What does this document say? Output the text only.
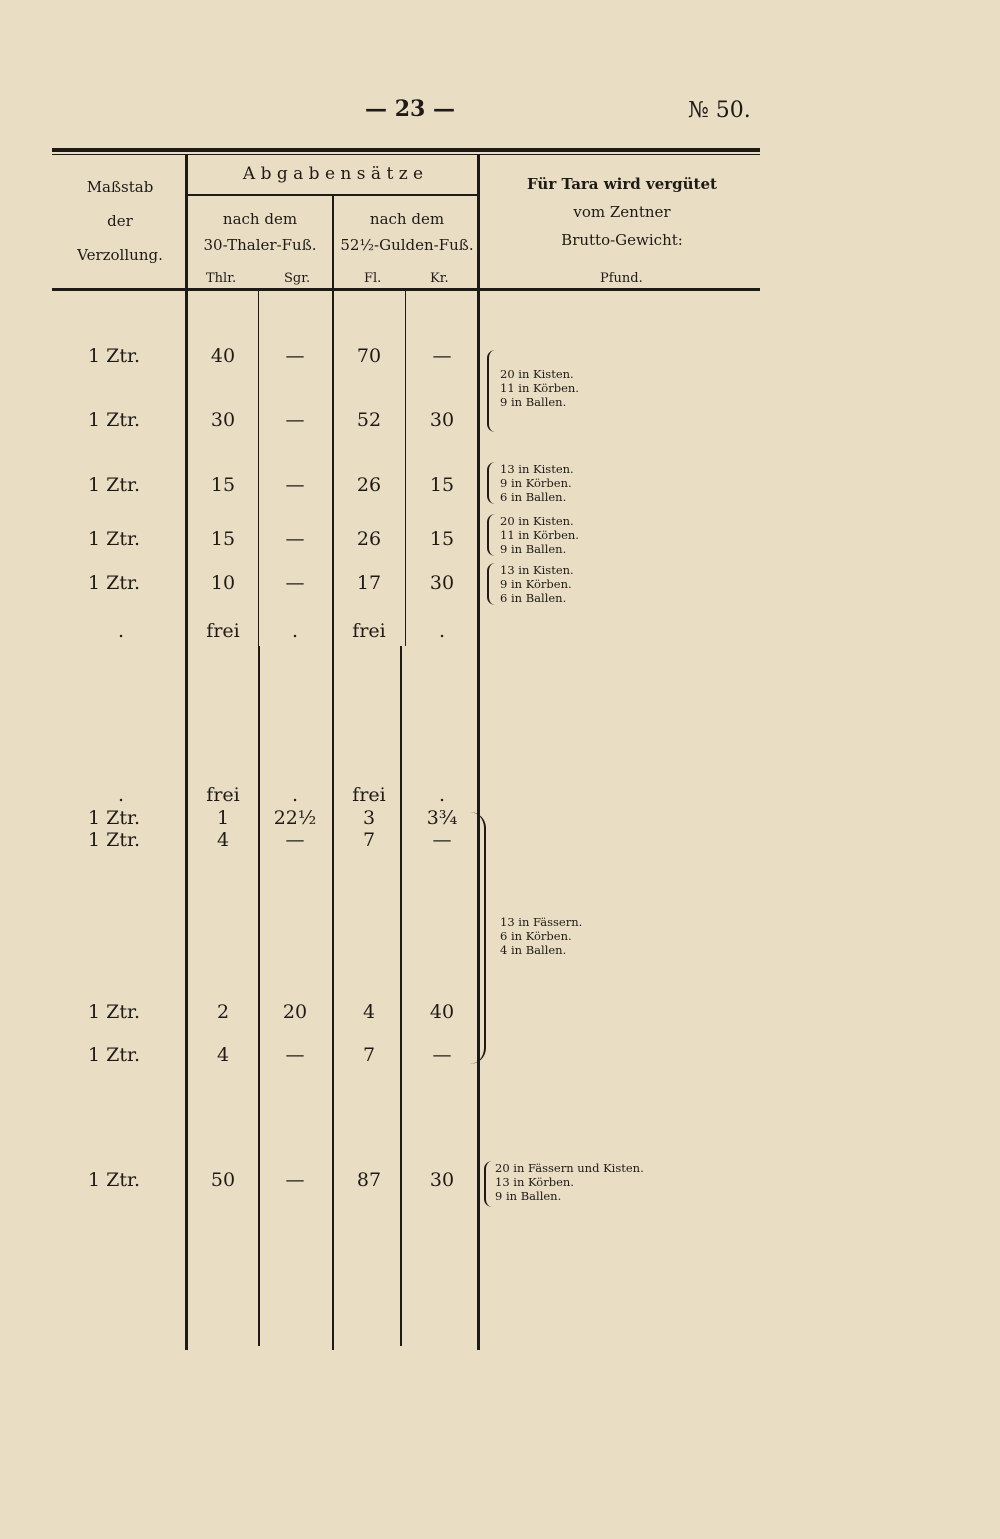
— 23 —	№ 50.
Maßstab
der
Verzollung.
A b g a b e n s ä t z e
nach dem
30-Thaler-Fuß.
nach dem
52½-Gulden-Fuß.
Thlr.	Sgr.	Fl.	Kr.
Für Tara wird vergütet
vom Zentner
Brutto-Gewicht:
Pfund.
1 Ztr.	40	—	70	—
1 Ztr.	30	—	52	30
1 Ztr.	15	—	26	15
1 Ztr.	15	—	26	15
1 Ztr.	10	—	17	30
.	frei	.	frei	.
.	frei	.	frei	.
1 Ztr.	1	22½	3	3¾
1 Ztr.	4	—	7	—
1 Ztr.	2	20	4	40
1 Ztr.	4	—	7	—
1 Ztr.	50	—	87	30
20 in Kisten.
11 in Körben.
9 in Ballen.
13 in Kisten.
9 in Körben.
6 in Ballen.
20 in Kisten.
11 in Körben.
9 in Ballen.
13 in Kisten.
9 in Körben.
6 in Ballen.
13 in Fässern.
6 in Körben.
4 in Ballen.
20 in Fässern und Kisten.
13 in Körben.
9 in Ballen.
